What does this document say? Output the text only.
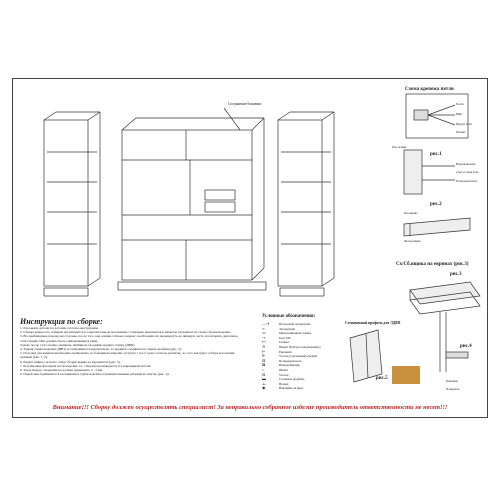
Соединение боковинс
Схема крепежа петли
Петля
Винт
Шуруп 4х16
Планка
рис.1
Бок-задник
Направляющая
2 мм от края бока
Полкодержатель
рис.2
Бок ящика
Фасад ящика
Сх/Сб.ящика на евринах (рис.3)
рис.3
рис.4
Боковина
Подвертка
Стеновочный профиль для ЛДВП
рис.5
Инструкция по сборке:
1. Разложите детали по деталям согласно инструкции.
2. Сборка каркаса по секциям производится в горизонтальном положении с помощью евровинтов и шкантов указанных на схеме сборки изделия.
3. Все выбиваемые переносом стороны, после того, как секция собрана в каркас, необходимо их перевернуть на лицевую часть и повторить диагональ этой секции. Они должны быть одинаковыми (в 2мм).
Только после этого можно начинать прибивать гвоздями заднюю стенку (ДВП).
4. Задняя стенка изделия (ДВП) устанавливается вертикально, в середине соединяется стыком профиля (рис. 5).
5. Полочки для ящиков необходимо прикрепить по боковинам изделия отступая 1 см от края согласно разметке, до того как будет собран вся секция целиком (рис. 1, 2).
6. Каркас ящика согласно схеме сборки ящика на евровинтах (рис. 3).
7. Регулировка фасадной части изделия, т.е. створки) производится 4-х шарнирной петлей.
8. Зазор между створками не должен превышать 2 - 3 мм.
9. Подвесные прибиваются гвоздиками к тумбе изделия ограничительными ребрами во внутрь (рис. 4).
Условные обозначения:
—⊣	Проходной эксцентрик
∞	Эксцентрик
▭	Межсекционная стяжка
⊸	Болт М6
⊷	Стяжка
⊙	Шкант 8х30 (по направлению)
⊢	Евровинт
⊩	Уголок (усиленный) крепёж
⊟	Полкодержатель
⊠	Направляющие
○	Шкант
⊡	Уголок
▬	Стеновой профиль
⊥	Ножки
◉	Наклейки на винт
Внимание!!! Сборку должен осуществлять специалист! За неправильно собранное изделие производитель ответственности не несет!!!
